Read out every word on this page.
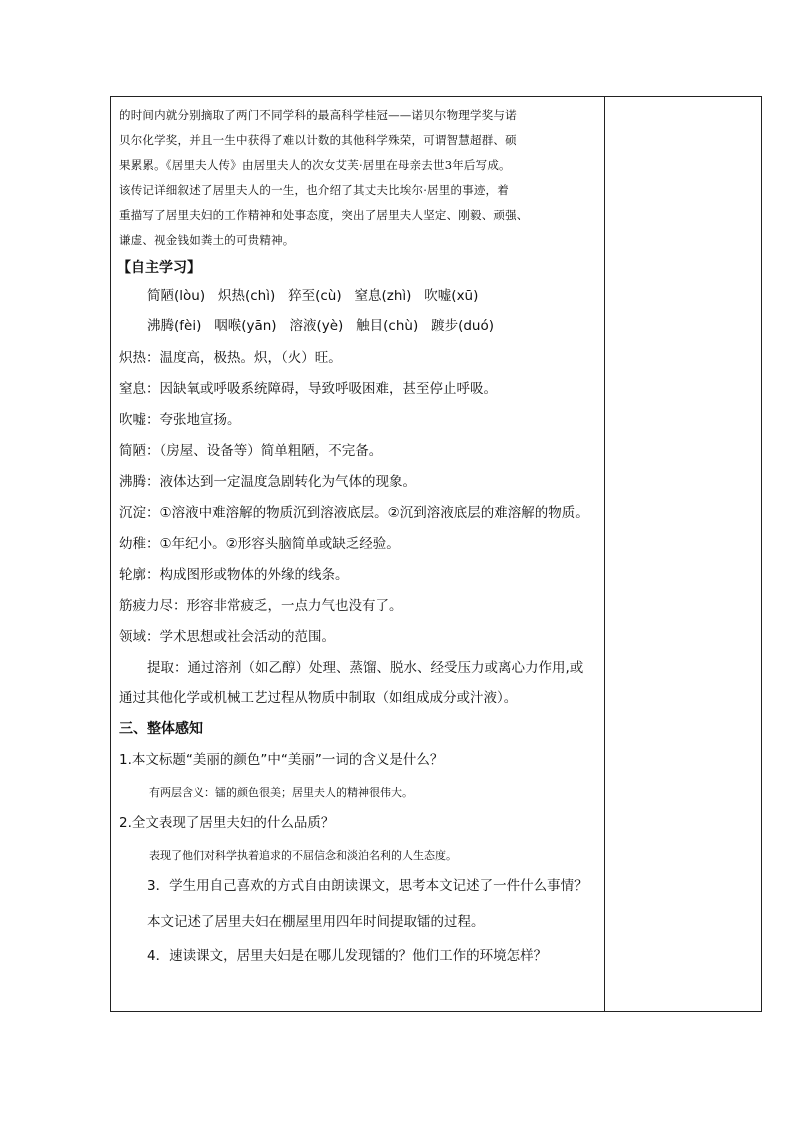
的时间内就分别摘取了两门不同学科的最高科学桂冠——诺贝尔物理学奖与诺
贝尔化学奖，并且一生中获得了难以计数的其他科学殊荣，可谓智慧超群、硕
果累累。《居里夫人传》由居里夫人的次女艾芙·居里在母亲去世3年后写成。
该传记详细叙述了居里夫人的一生，也介绍了其丈夫比埃尔·居里的事迹，着
重描写了居里夫妇的工作精神和处事态度，突出了居里夫人坚定、刚毅、顽强、
谦虚、视金钱如粪土的可贵精神。
【自主学习】
简陋(lòu)   炽热(chì)   猝至(cù)   窒息(zhì)   吹嘘(xū)
沸腾(fèi)   咽喉(yān)   溶液(yè)   触目(chù)   踱步(duó)
炽热：温度高，极热。炽，（火）旺。
窒息：因缺氧或呼吸系统障碍，导致呼吸困难，甚至停止呼吸。
吹嘘：夸张地宣扬。
简陋：（房屋、设备等）简单粗陋，不完备。
沸腾：液体达到一定温度急剧转化为气体的现象。
沉淀：①溶液中难溶解的物质沉到溶液底层。②沉到溶液底层的难溶解的物质。
幼稚：①年纪小。②形容头脑简单或缺乏经验。
轮廓：构成图形或物体的外缘的线条。
筋疲力尽：形容非常疲乏，一点力气也没有了。
领域：学术思想或社会活动的范围。
提取：通过溶剂（如乙醇）处理、蒸馏、脱水、经受压力或离心力作用,或
通过其他化学或机械工艺过程从物质中制取（如组成成分或汁液）。
三、整体感知
1.本文标题“美丽的颜色”中“美丽”一词的含义是什么？
有两层含义：镭的颜色很美；居里夫人的精神很伟大。
2.全文表现了居里夫妇的什么品质？
表现了他们对科学执着追求的不屈信念和淡泊名利的人生态度。
3．学生用自己喜欢的方式自由朗读课文，思考本文记述了一件什么事情？
本文记述了居里夫妇在棚屋里用四年时间提取镭的过程。
4．速读课文，居里夫妇是在哪儿发现镭的？他们工作的环境怎样？
